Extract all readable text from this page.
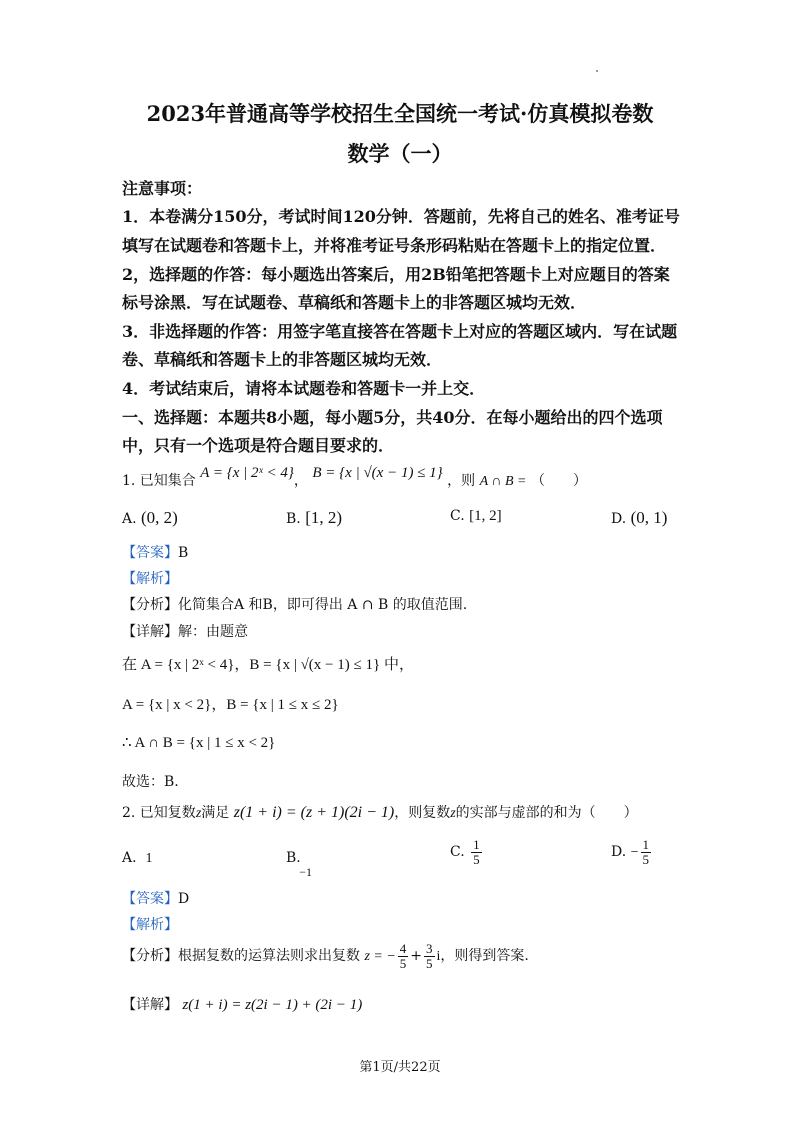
2023年普通高等学校招生全国统一考试·仿真模拟卷数
数学（一）
注意事项：
1．本卷满分150分，考试时间120分钟．答题前，先将自己的姓名、准考证号
填写在试题卷和答题卡上，并将准考证号条形码粘贴在答题卡上的指定位置．
2，选择题的作答：每小题选出答案后，用2B铅笔把答题卡上对应题目的答案
标号涂黑．写在试题卷、草稿纸和答题卡上的非答题区城均无效．
3．非选择题的作答：用签字笔直接答在答题卡上对应的答题区域内．写在试题
卷、草稿纸和答题卡上的非答题区城均无效．
4．考试结束后，请将本试题卷和答题卡一并上交．
一、选择题：本题共8小题，每小题5分，共40分．在每小题给出的四个选项
中，只有一个选项是符合题目要求的．
1. 已知集合 A = {x | 2ˣ < 4}， B = {x | √(x − 1) ≤ 1} ，则 A ∩ B = （　　）
A. (0, 2)	B. [1, 2)	C. [1, 2]	D. (0, 1)
【答案】B
【解析】
【分析】化简集合A 和B，即可得出 A ∩ B 的取值范围.
【详解】解：由题意
在 A = {x | 2ˣ < 4}，B = {x | √(x − 1) ≤ 1} 中，
A = {x | x < 2}，B = {x | 1 ≤ x ≤ 2}
∴ A ∩ B = {x | 1 ≤ x < 2}
故选：B.
2. 已知复数z满足 z(1 + i) = (z + 1)(2i − 1)，则复数z的实部与虚部的和为（　　）
A. 1	B. −1
C. $\frac{1}{5}$	D. − $\frac{1}{5}$
【答案】D
【解析】
【分析】根据复数的运算法则求出复数 z = − $\frac{4}{5} + \frac{3}{5}$ i，则得到答案.
【详解】 z(1 + i) = z(2i − 1) + (2i − 1)
第1页/共22页
